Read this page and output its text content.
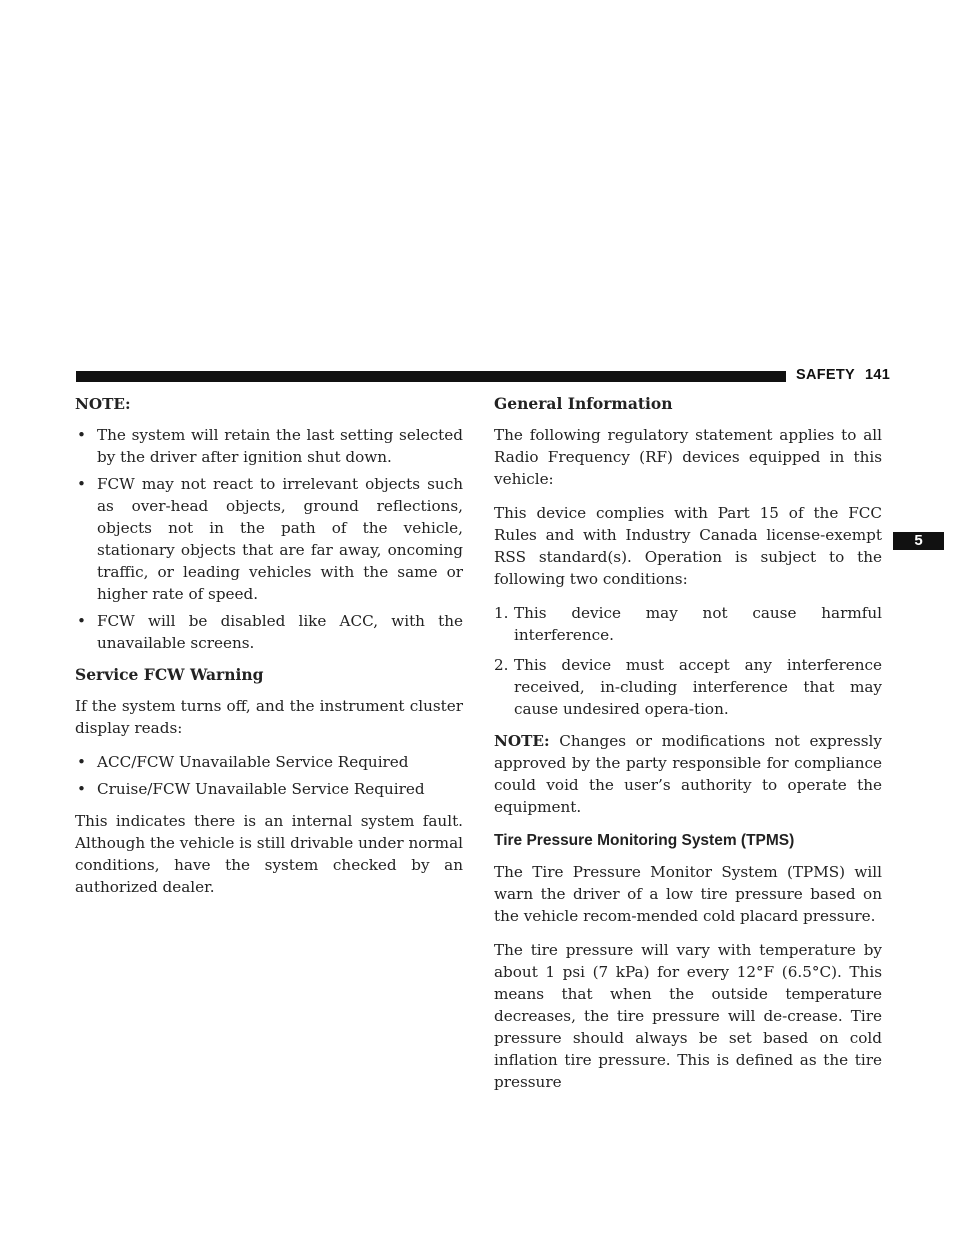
SAFETY 141
5

NOTE:

• The system will retain the last setting selected by the driver after ignition shut down.
• FCW may not react to irrelevant objects such as over-head objects, ground reflections, objects not in the path of the vehicle, stationary objects that are far away, oncoming traffic, or leading vehicles with the same or higher rate of speed.
• FCW will be disabled like ACC, with the unavailable screens.
Service FCW Warning

If the system turns off, and the instrument cluster display reads:

• ACC/FCW Unavailable Service Required
• Cruise/FCW Unavailable Service Required

This indicates there is an internal system fault. Although the vehicle is still drivable under normal conditions, have the system checked by an authorized dealer.

General Information

The following regulatory statement applies to all Radio Frequency (RF) devices equipped in this vehicle:

This device complies with Part 15 of the FCC Rules and with Industry Canada license-exempt RSS standard(s). Operation is subject to the following two conditions:

1. This device may not cause harmful interference.
2. This device must accept any interference received, in-cluding interference that may cause undesired opera-tion.

NOTE: Changes or modifications not expressly approved by the party responsible for compliance could void the user’s authority to operate the equipment.

Tire Pressure Monitoring System (TPMS)

The Tire Pressure Monitor System (TPMS) will warn the driver of a low tire pressure based on the vehicle recom-mended cold placard pressure.

The tire pressure will vary with temperature by about 1 psi (7 kPa) for every 12°F (6.5°C). This means that when the outside temperature decreases, the tire pressure will de-crease. Tire pressure should always be set based on cold inflation tire pressure. This is defined as the tire pressure
